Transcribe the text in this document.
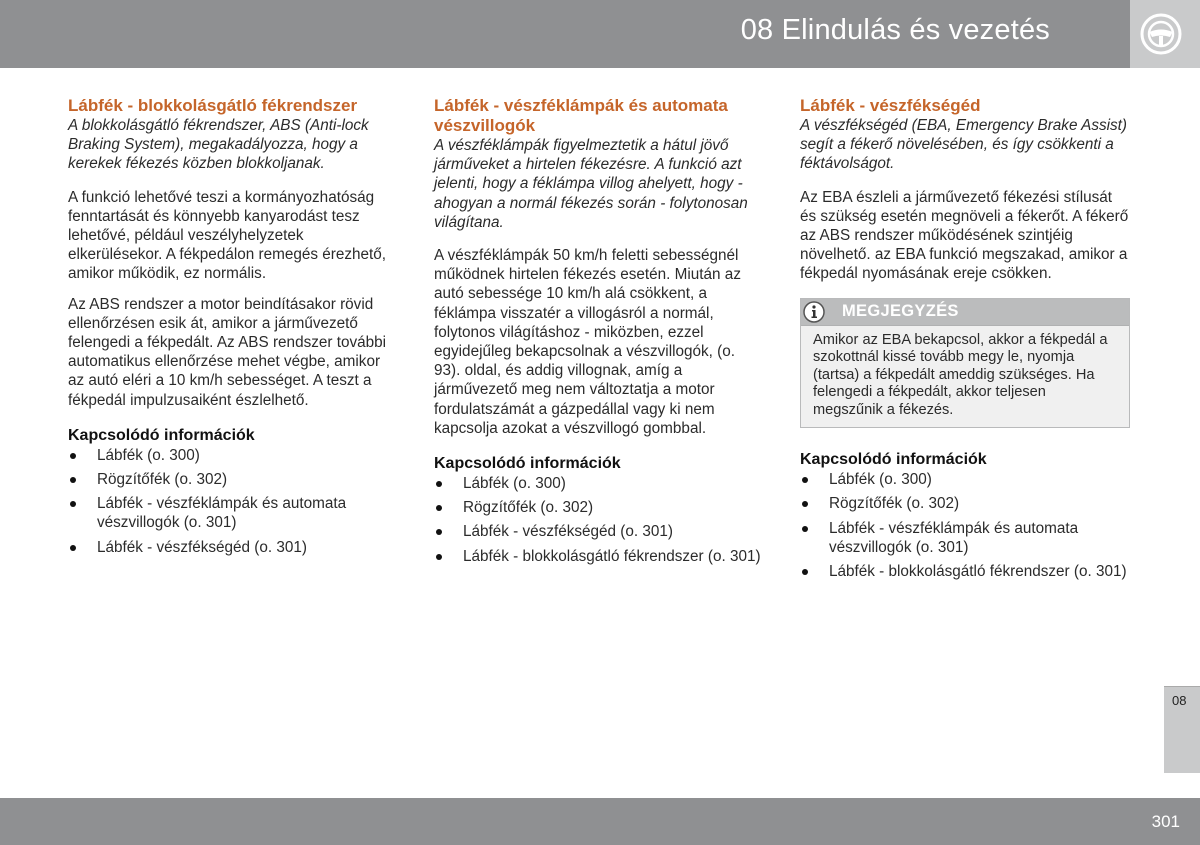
08 Elindulás és vezetés
Lábfék - blokkolásgátló fékrendszer

A blokkolásgátló fékrendszer, ABS (Anti-lock Braking System), megakadályozza, hogy a kerekek fékezés közben blokkoljanak.

A funkció lehetővé teszi a kormányozhatóság fenntartását és könnyebb kanyarodást tesz lehetővé, például veszélyhelyzetek elkerülésekor. A fékpedálon remegés érezhető, amikor működik, ez normális.

Az ABS rendszer a motor beindításakor rövid ellenőrzésen esik át, amikor a járművezető felengedi a fékpedált. Az ABS rendszer további automatikus ellenőrzése mehet végbe, amikor az autó eléri a 10 km/h sebességet. A teszt a fékpedál impulzusaiként észlelhető.

Kapcsolódó információk
Lábfék (o. 300)
Rögzítőfék (o. 302)
Lábfék - vészféklámpák és automata vészvillogók (o. 301)
Lábfék - vészfékségéd (o. 301)
Lábfék - vészféklámpák és automata vészvillogók

A vészféklámpák figyelmeztetik a hátul jövő járműveket a hirtelen fékezésre. A funkció azt jelenti, hogy a féklámpa villog ahelyett, hogy - ahogyan a normál fékezés során - folytonosan világítana.

A vészféklámpák 50 km/h feletti sebességnél működnek hirtelen fékezés esetén. Miután az autó sebessége 10 km/h alá csökkent, a féklámpa visszatér a villogásról a normál, folytonos világításhoz - miközben, ezzel egyidejűleg bekapcsolnak a vészvillogók, (o. 93). oldal, és addig villognak, amíg a járművezető meg nem változtatja a motor fordulatszámát a gázpedállal vagy ki nem kapcsolja azokat a vészvillogó gombbal.

Kapcsolódó információk
Lábfék (o. 300)
Rögzítőfék (o. 302)
Lábfék - vészfékségéd (o. 301)
Lábfék - blokkolásgátló fékrendszer (o. 301)
Lábfék - vészfékségéd

A vészfékségéd (EBA, Emergency Brake Assist) segít a fékerő növelésében, és így csökkenti a féktávolságot.

Az EBA észleli a járművezető fékezési stílusát és szükség esetén megnöveli a fékerőt. A fékerő az ABS rendszer működésének szintjéig növelhető. az EBA funkció megszakad, amikor a fékpedál nyomásának ereje csökken.

MEGJEGYZÉS
Amikor az EBA bekapcsol, akkor a fékpedál a szokottnál kissé tovább megy le, nyomja (tartsa) a fékpedált ameddig szükséges. Ha felengedi a fékpedált, akkor teljesen megszűnik a fékezés.
Kapcsolódó információk
Lábfék (o. 300)
Rögzítőfék (o. 302)
Lábfék - vészféklámpák és automata vészvillogók (o. 301)
Lábfék - blokkolásgátló fékrendszer (o. 301)
08
301
